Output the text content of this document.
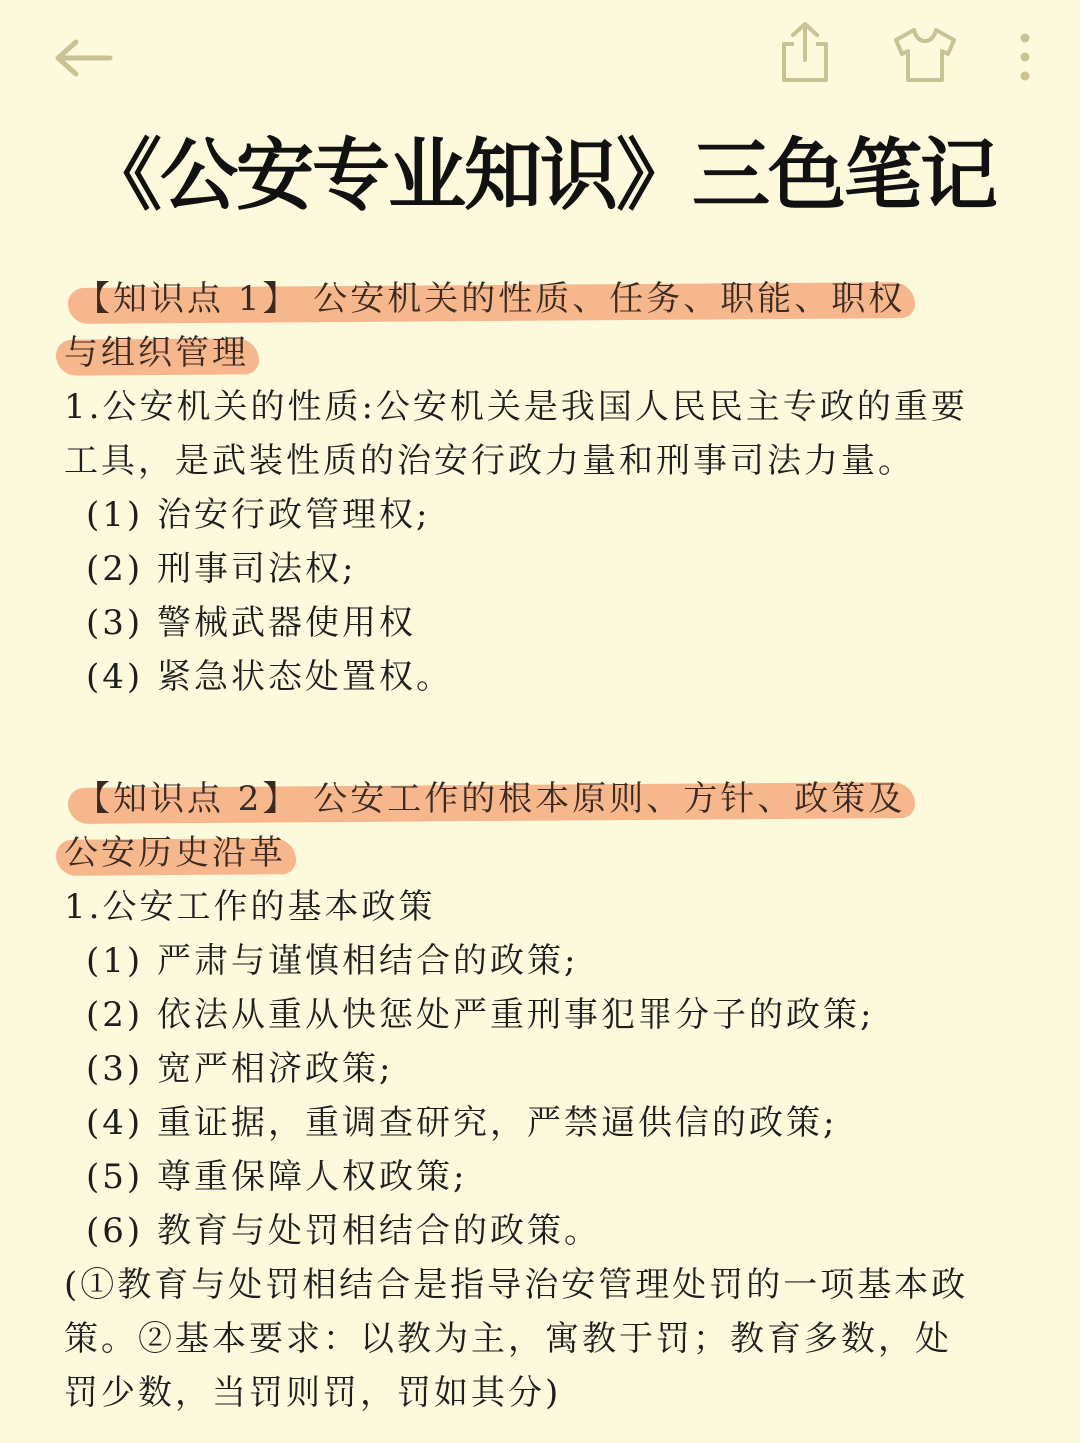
《公安专业知识》三色笔记
【知识点 1】 公安机关的性质、任务、职能、职权
与组织管理
1.公安机关的性质:公安机关是我国人民民主专政的重要
工具，是武装性质的治安行政力量和刑事司法力量。
(1) 治安行政管理权;
(2) 刑事司法权;
(3) 警械武器使用权
(4) 紧急状态处置权。
【知识点 2】 公安工作的根本原则、方针、政策及
公安历史沿革
1.公安工作的基本政策
(1) 严肃与谨慎相结合的政策;
(2) 依法从重从快惩处严重刑事犯罪分子的政策;
(3) 宽严相济政策;
(4) 重证据，重调查研究，严禁逼供信的政策;
(5) 尊重保障人权政策;
(6) 教育与处罚相结合的政策。
(①教育与处罚相结合是指导治安管理处罚的一项基本政
策。②基本要求：以教为主，寓教于罚；教育多数，处
罚少数，当罚则罚，罚如其分)
